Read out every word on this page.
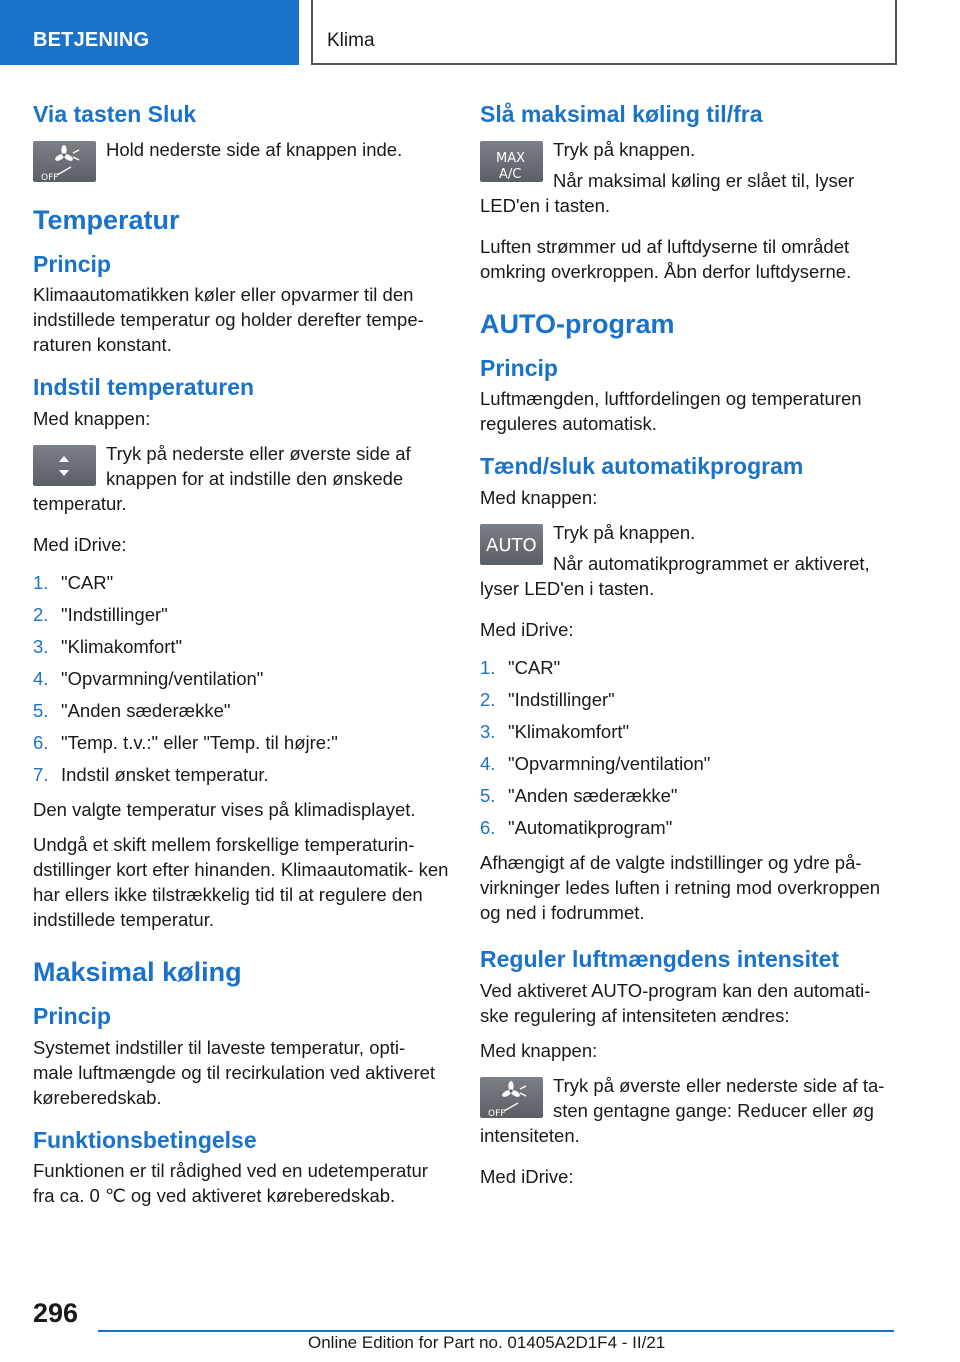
BETJENING	Klima
Via tasten Sluk
OFF

Hold nederste side af knappen inde.

Temperatur
Princip

Klimaautomatikken køler eller opvarmer til den indstillede temperatur og holder derefter tempe- raturen konstant.

Indstil temperaturen

Med knappen:

Tryk på nederste eller øverste side af knappen for at indstille den ønskede temperatur.

Med iDrive:

1. "CAR"
2. "Indstillinger"
3. "Klimakomfort"
4. "Opvarmning/ventilation"
5. "Anden sæderække"
6. "Temp. t.v.:" eller "Temp. til højre:"
7. Indstil ønsket temperatur.

Den valgte temperatur vises på klimadisplayet.

Undgå et skift mellem forskellige temperaturin- dstillinger kort efter hinanden. Klimaautomatik- ken har ellers ikke tilstrækkelig tid til at regulere den indstillede temperatur.

Maksimal køling
Princip

Systemet indstiller til laveste temperatur, opti- male luftmængde og til recirkulation ved aktiveret køreberedskab.

Funktionsbetingelse

Funktionen er til rådighed ved en udetemperatur fra ca. 0 ℃ og ved aktiveret køreberedskab.

Slå maksimal køling til/fra
MAX
A/C

Tryk på knappen.

Når maksimal køling er slået til, lyser LED'en i tasten.

Luften strømmer ud af luftdyserne til området omkring overkroppen. Åbn derfor luftdyserne.

AUTO-program
Princip

Luftmængden, luftfordelingen og temperaturen reguleres automatisk.

Tænd/sluk automatikprogram

Med knappen:

AUTO

Tryk på knappen.

Når automatikprogrammet er aktiveret, lyser LED'en i tasten.

Med iDrive:

1. "CAR"
2. "Indstillinger"
3. "Klimakomfort"
4. "Opvarmning/ventilation"
5. "Anden sæderække"
6. "Automatikprogram"

Afhængigt af de valgte indstillinger og ydre på- virkninger ledes luften i retning mod overkroppen og ned i fodrummet.

Reguler luftmængdens intensitet

Ved aktiveret AUTO-program kan den automati- ske regulering af intensiteten ændres:

Med knappen:

OFF

Tryk på øverste eller nederste side af ta- sten gentagne gange: Reducer eller øg intensiteten.

Med iDrive:

296
Online Edition for Part no. 01405A2D1F4 - II/21
